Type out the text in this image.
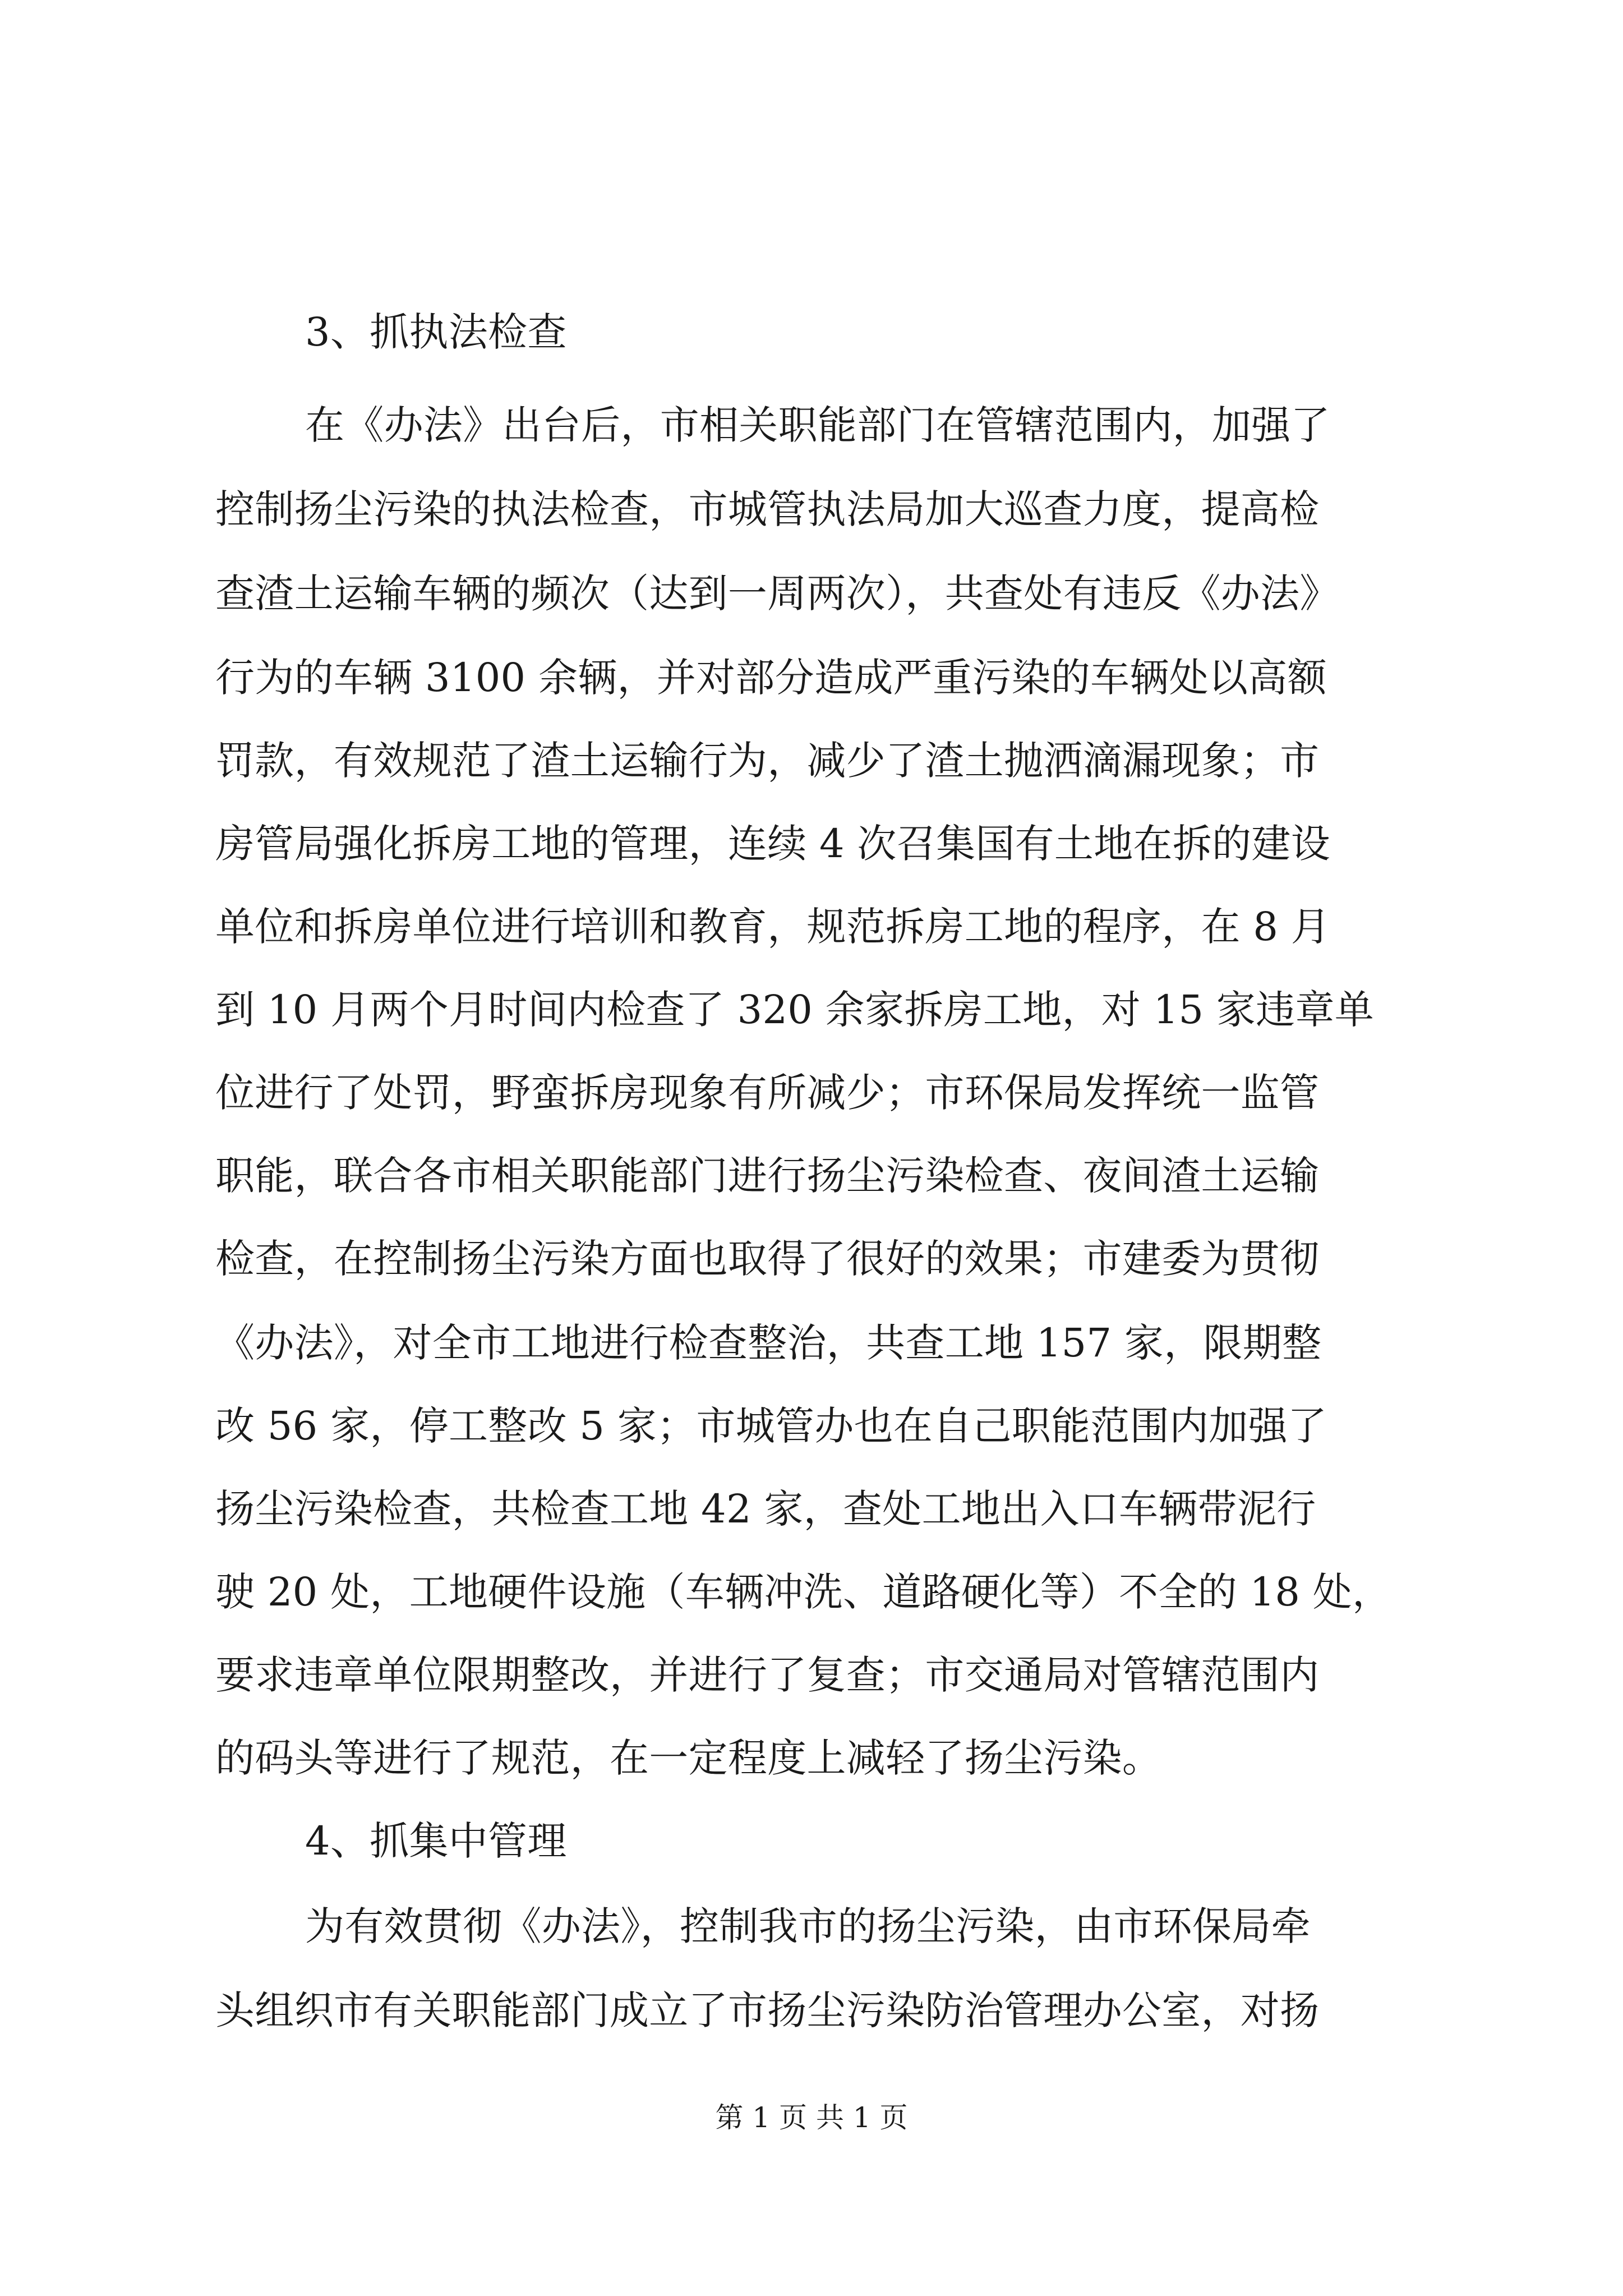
3、抓执法检查
在《办法》出台后，市相关职能部门在管辖范围内，加强了
控制扬尘污染的执法检查，市城管执法局加大巡查力度，提高检
查渣土运输车辆的频次（达到一周两次），共查处有违反《办法》
行为的车辆 3100 余辆，并对部分造成严重污染的车辆处以高额
罚款，有效规范了渣土运输行为，减少了渣土抛洒滴漏现象；市
房管局强化拆房工地的管理，连续 4 次召集国有土地在拆的建设
单位和拆房单位进行培训和教育，规范拆房工地的程序，在 8 月
到 10 月两个月时间内检查了 320 余家拆房工地，对 15 家违章单
位进行了处罚，野蛮拆房现象有所减少；市环保局发挥统一监管
职能，联合各市相关职能部门进行扬尘污染检查、夜间渣土运输
检查，在控制扬尘污染方面也取得了很好的效果；市建委为贯彻
《办法》，对全市工地进行检查整治，共查工地 157 家，限期整
改 56 家，停工整改 5 家；市城管办也在自己职能范围内加强了
扬尘污染检查，共检查工地 42 家，查处工地出入口车辆带泥行
驶 20 处，工地硬件设施（车辆冲洗、道路硬化等）不全的 18 处，
要求违章单位限期整改，并进行了复查；市交通局对管辖范围内
的码头等进行了规范，在一定程度上减轻了扬尘污染。
4、抓集中管理
为有效贯彻《办法》，控制我市的扬尘污染，由市环保局牵
头组织市有关职能部门成立了市扬尘污染防治管理办公室，对扬
第 1 页 共 1 页
